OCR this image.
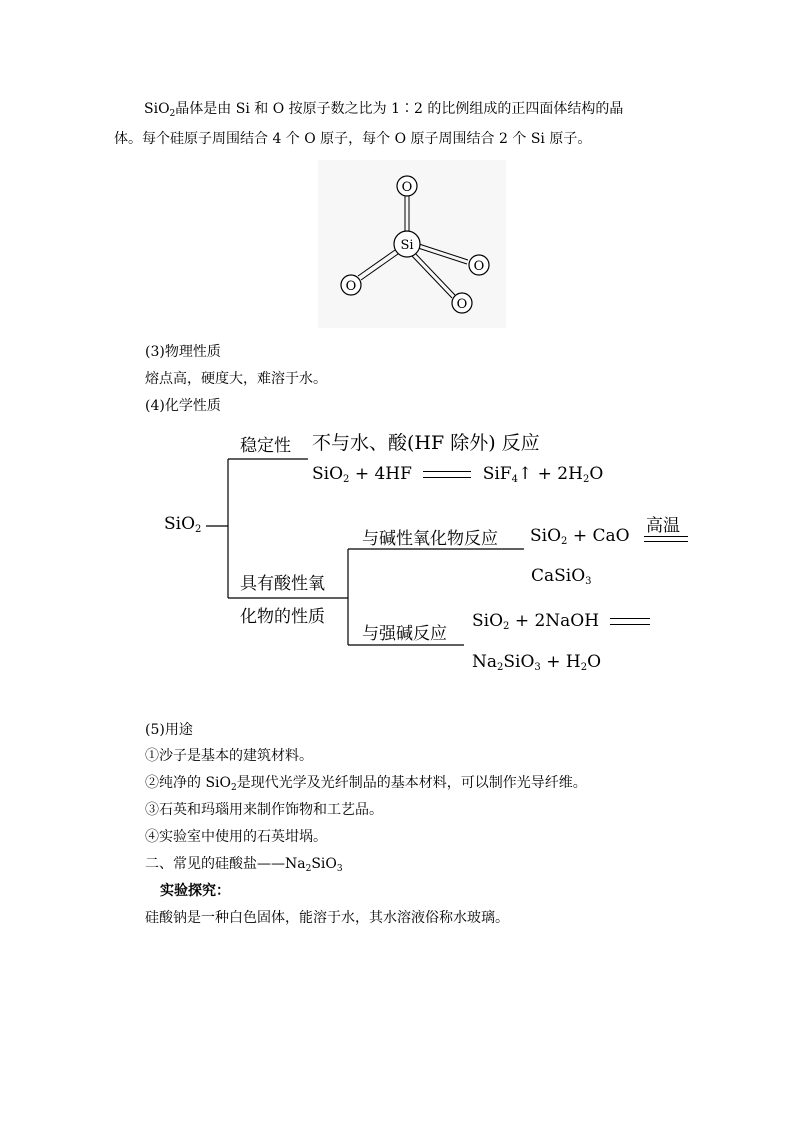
SiO$_2$晶体是由 Si 和 O 按原子数之比为 1∶2 的比例组成的正四面体结构的晶
体。每个硅原子周围结合 4 个 O 原子，每个 O 原子周围结合 2 个 Si 原子。
O
Si
O
O
O
(3)物理性质
熔点高，硬度大，难溶于水。
(4)化学性质
SiO$_2$
稳定性 不与水、酸(HF 除外) 反应
SiO$_2$ + 4HF	SiF$_4$↑ + $2H_2O$
具有酸性氧
化物的性质
与碱性氧化物反应 SiO$_2$ + CaO 高温
CaSiO$_3$
与强碱反应
SiO$_2$ + 2NaOH
$Na_2SiO_3 + H_2O$
(5)用途
①沙子是基本的建筑材料。
②纯净的 SiO$_2$是现代光学及光纤制品的基本材料，可以制作光导纤维。
③石英和玛瑙用来制作饰物和工艺品。
④实验室中使用的石英坩埚。
二、常见的硅酸盐$——Na_2SiO_3$
实验探究：
硅酸钠是一种白色固体，能溶于水，其水溶液俗称水玻璃。
